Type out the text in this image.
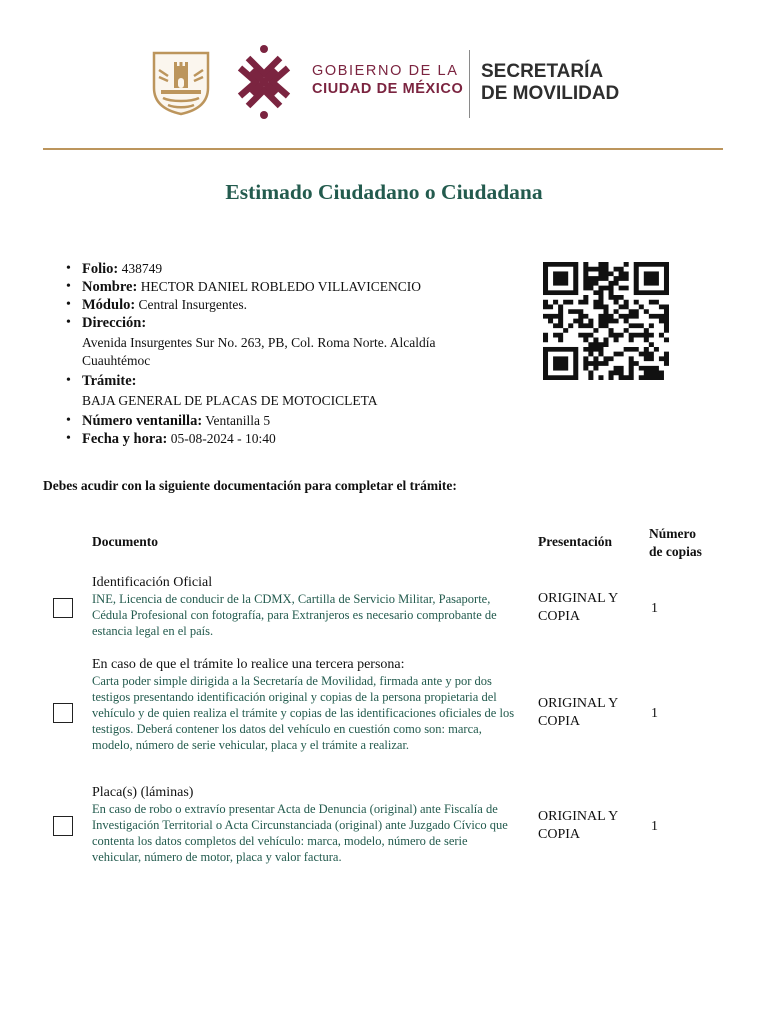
GOBIERNO DE LA
CIUDAD DE MÉXICO
SECRETARÍA
DE MOVILIDAD
Estimado Ciudadano o Ciudadana
• Folio: 438749
• Nombre: HECTOR DANIEL ROBLEDO VILLAVICENCIO
• Módulo: Central Insurgentes.
• Dirección:
Avenida Insurgentes Sur No. 263, PB, Col. Roma Norte. Alcaldía Cuauhtémoc
• Trámite:
BAJA GENERAL DE PLACAS DE MOTOCICLETA
• Número ventanilla: Ventanilla 5
• Fecha y hora: 05-08-2024 - 10:40
Debes acudir con la siguiente documentación para completar el trámite:
Documento	Presentación
Número
de copias
Identificación Oficial
INE, Licencia de conducir de la CDMX, Cartilla de Servicio Militar, Pasaporte, Cédula Profesional con fotografía, para Extranjeros es necesario comprobante de estancia legal en el país.
ORIGINAL Y
COPIA
1
En caso de que el trámite lo realice una tercera persona:
Carta poder simple dirigida a la Secretaría de Movilidad, firmada ante y por dos testigos presentando identificación original y copias de la persona propietaria del vehículo y de quien realiza el trámite y copias de las identificaciones oficiales de los testigos. Deberá contener los datos del vehículo en cuestión como son: marca, modelo, número de serie vehicular, placa y el trámite a realizar.
ORIGINAL Y
COPIA
1
Placa(s) (láminas)
En caso de robo o extravío presentar Acta de Denuncia (original) ante Fiscalía de Investigación Territorial o Acta Circunstanciada (original) ante Juzgado Cívico que contenta los datos completos del vehículo: marca, modelo, número de serie vehicular, número de motor, placa y valor factura.
ORIGINAL Y
COPIA
1
